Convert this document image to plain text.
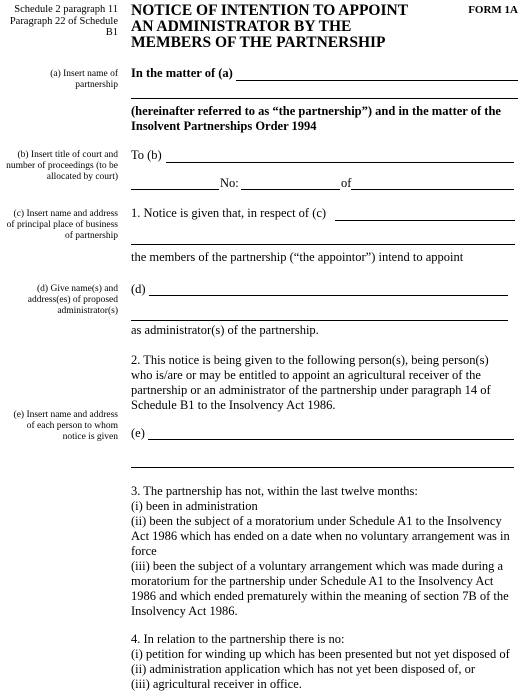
Schedule 2 paragraph 11
Paragraph 22 of Schedule
B1
NOTICE OF INTENTION TO APPOINT
AN ADMINISTRATOR BY THE
MEMBERS OF THE PARTNERSHIP
FORM 1A
(a) Insert name of
partnership
In the matter of (a)
(hereinafter referred to as “the partnership”) and in the matter of the
Insolvent Partnerships Order 1994
(b) Insert title of court and
number of proceedings (to be
allocated by court)
To (b)
No:	of
(c) Insert name and address
of principal place of business
of partnership
1. Notice is given that, in respect of (c)
the members of the partnership (“the appointor”) intend to appoint
(d) Give name(s) and
address(es) of proposed
administrator(s)
(d)
as administrator(s) of the partnership.
2. This notice is being given to the following person(s), being person(s)
who is/are or may be entitled to appoint an agricultural receiver of the
partnership or an administrator of the partnership under paragraph 14 of
Schedule B1 to the Insolvency Act 1986.
(e) Insert name and address
of each person to whom
notice is given (e)
3. The partnership has not, within the last twelve months:
(i) been in administration
(ii) been the subject of a moratorium under Schedule A1 to the Insolvency
Act 1986 which has ended on a date when no voluntary arrangement was in
force
(iii) been the subject of a voluntary arrangement which was made during a
moratorium for the partnership under Schedule A1 to the Insolvency Act
1986 and which ended prematurely within the meaning of section 7B of the
Insolvency Act 1986.
4. In relation to the partnership there is no:
(i) petition for winding up which has been presented but not yet disposed of
(ii) administration application which has not yet been disposed of, or
(iii) agricultural receiver in office.
